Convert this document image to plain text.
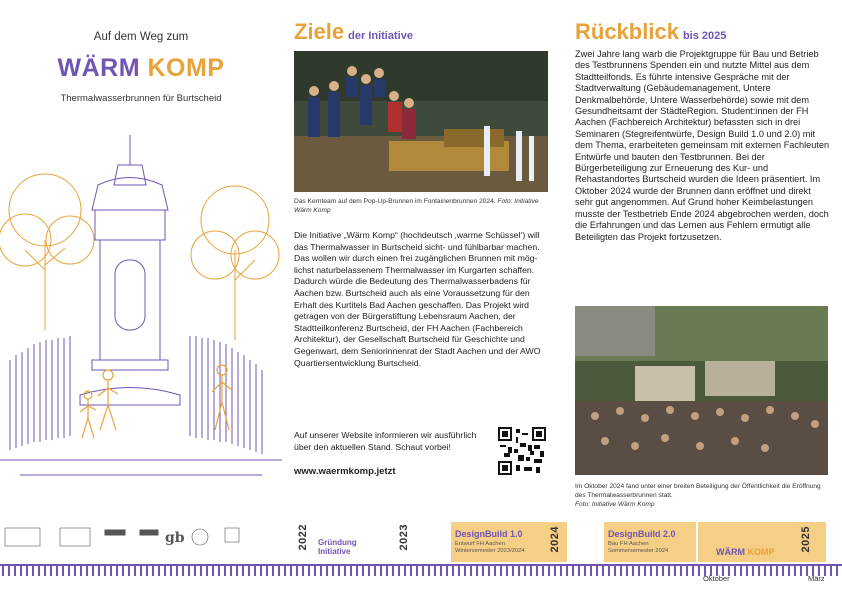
Auf dem Weg zum
WÄRM KOMP
Thermalwasserbrunnen für Burtscheid
Ziele der Initiative
Das Kernteam auf dem Pop-Up-Brunnen im Fontainenbrunnen 2024. Foto: Initiative Wärm Komp
Die Initiative „Wärm Komp“ (hochdeutsch ‚warme Schüssel‘) will das Thermalwasser in Burtscheid sicht- und fühlbarbar machen. Das wollen wir durch einen frei zugänglichen Brunnen mit möglichst naturbelassenem Thermalwasser im Kurgarten schaffen. Dadurch würde die Bedeutung des Thermalwasserbadens für Aachen bzw. Burtscheid auch als eine Voraussetzung für den Erhalt des Kurtitels Bad Aachen geschaffen. Das Projekt wird getragen von der Bürgerstiftung Lebensraum Aachen, der Stadtteilkonferenz Burtscheid, der FH Aachen (Fachbereich Architektur), der Gesellschaft Burtscheid für Geschichte und Gegenwart, dem Seniorinnenrat der Stadt Aachen und der AWO Quartiersentwicklung Burtscheid.
Auf unserer Website informieren wir ausführlich über den aktuellen Stand. Schaut vorbei!
www.waermkomp.jetzt
Rückblick bis 2025
Zwei Jahre lang warb die Projektgruppe für Bau und Betrieb des Testbrunnens Spenden ein und nutzte Mittel aus dem Stadtteilfonds. Es führte intensive Gespräche mit der Stadtverwaltung (Gebäudemanagement, Untere Denkmalbehörde, Untere Wasserbehörde) sowie mit dem Gesundheitsamt der StädteRegion. Student:innen der FH Aachen (Fachbereich Architektur) befassten sich in drei Seminaren (Stegreifentwürfe, Design Build 1.0 und 2.0) mit dem Thema, erarbeiteten gemeinsam mit externen Fachleuten Entwürfe und bauten den Testbrunnen. Bei der Bürgerbeteiligung zur Erneuerung des Kur- und Rehastandortes Burtscheid wurden die Ideen präsentiert. Im Oktober 2024 wurde der Brunnen dann eröffnet und direkt sehr gut angenommen. Auf Grund hoher Keimbelastungen musste der Testbetrieb Ende 2024 abgebrochen werden, doch die Erfahrungen und das Lernen aus Fehlern ermutigt alle Beteiligten das Projekt fortzusetzen.
Im Oktober 2024 fand unter einer breiten Beteiligung der Öffentlichkeit die Eröffnung des Thermalwasserbrunnen statt.
Foto: Initiative Wärm Komp
gb	2022 Gründung
Initiative
2023	DesignBuild 1.0
Entwurf FH Aachen
Wintersemester 2023/2024 2024	DesignBuild 2.0
Bau FH Aachen
Sommersemester 2024	WÄRM KOMP 2025
Oktober	März
